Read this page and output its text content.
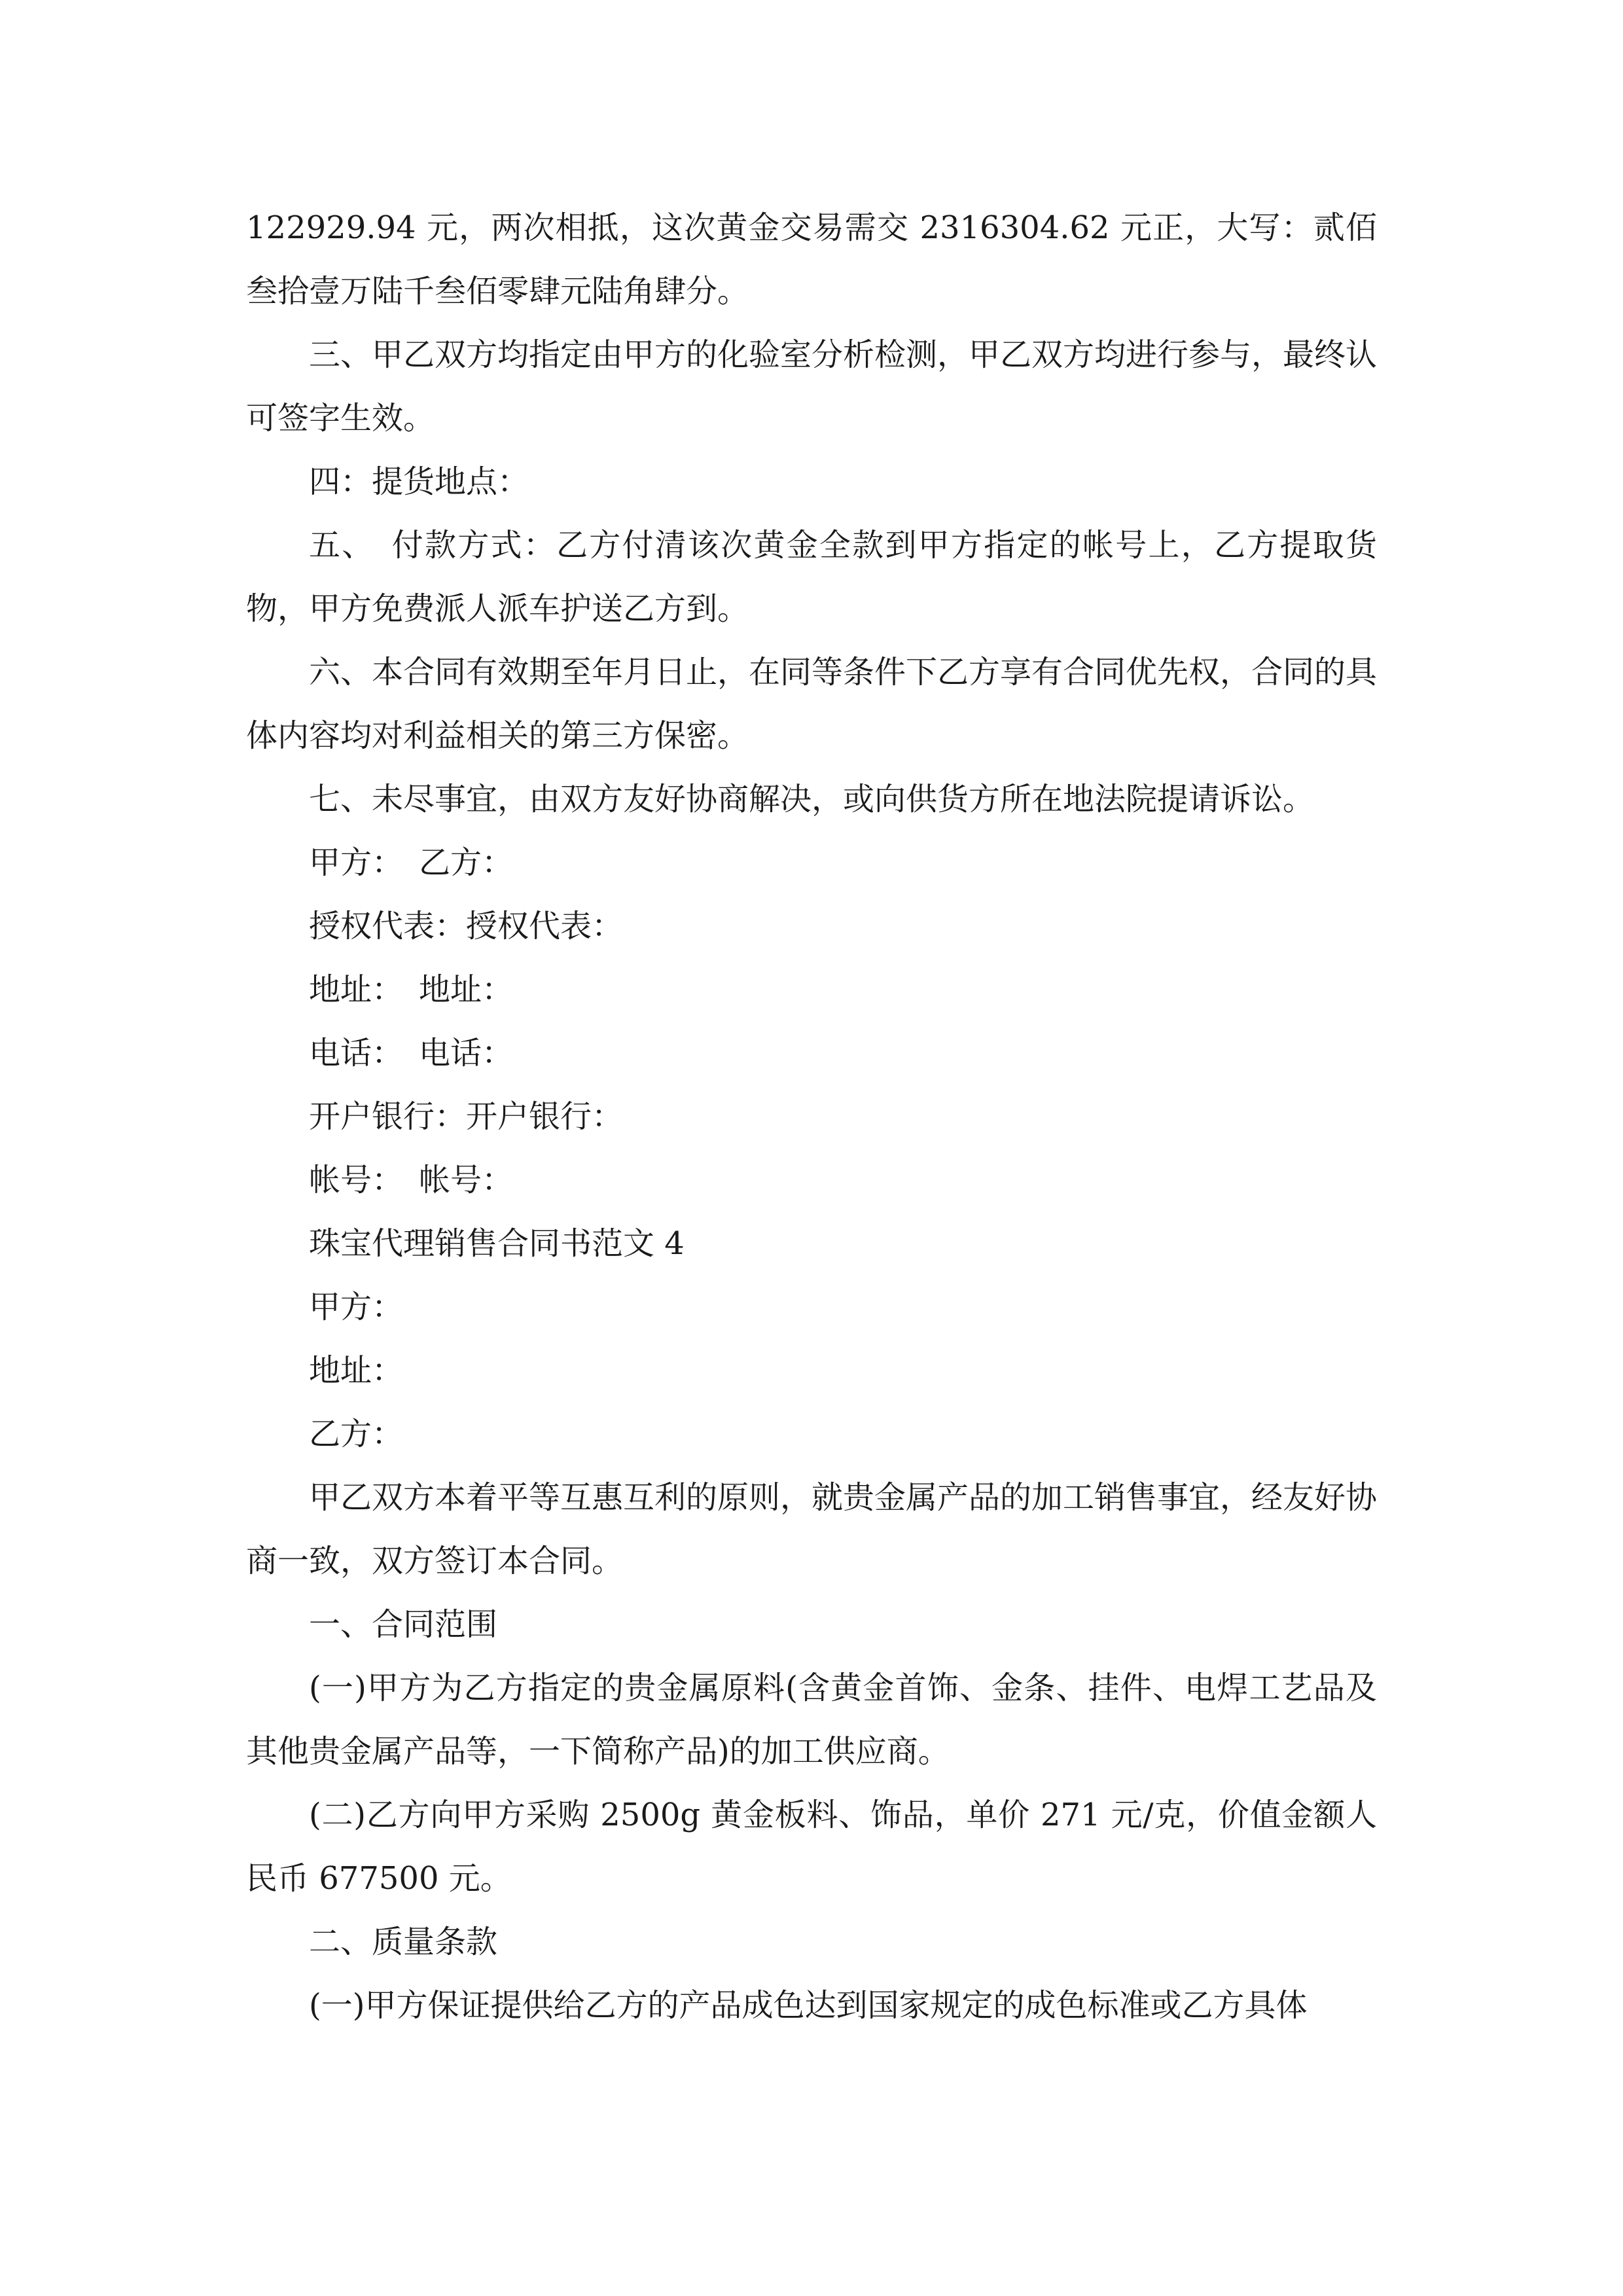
122929.94 元，两次相抵，这次黄金交易需交 2316304.62 元正，大写：贰佰叁拾壹万陆千叁佰零肆元陆角肆分。

三、甲乙双方均指定由甲方的化验室分析检测，甲乙双方均进行参与，最终认可签字生效。

四：提货地点：

五、　付款方式：乙方付清该次黄金全款到甲方指定的帐号上，乙方提取货物，甲方免费派人派车护送乙方到。

六、本合同有效期至年月日止，在同等条件下乙方享有合同优先权，合同的具体内容均对利益相关的第三方保密。

七、未尽事宜，由双方友好协商解决，或向供货方所在地法院提请诉讼。

甲方：　乙方：

授权代表：授权代表：

地址：　地址：

电话：　电话：

开户银行：开户银行：

帐号：　帐号：

珠宝代理销售合同书范文 4

甲方：

地址：

乙方：

甲乙双方本着平等互惠互利的原则，就贵金属产品的加工销售事宜，经友好协商一致，双方签订本合同。

一、合同范围

(一)甲方为乙方指定的贵金属原料(含黄金首饰、金条、挂件、电焊工艺品及其他贵金属产品等，一下简称产品)的加工供应商。

(二)乙方向甲方采购 2500g 黄金板料、饰品，单价 271 元/克，价值金额人民币 677500 元。

二、质量条款

(一)甲方保证提供给乙方的产品成色达到国家规定的成色标准或乙方具体
